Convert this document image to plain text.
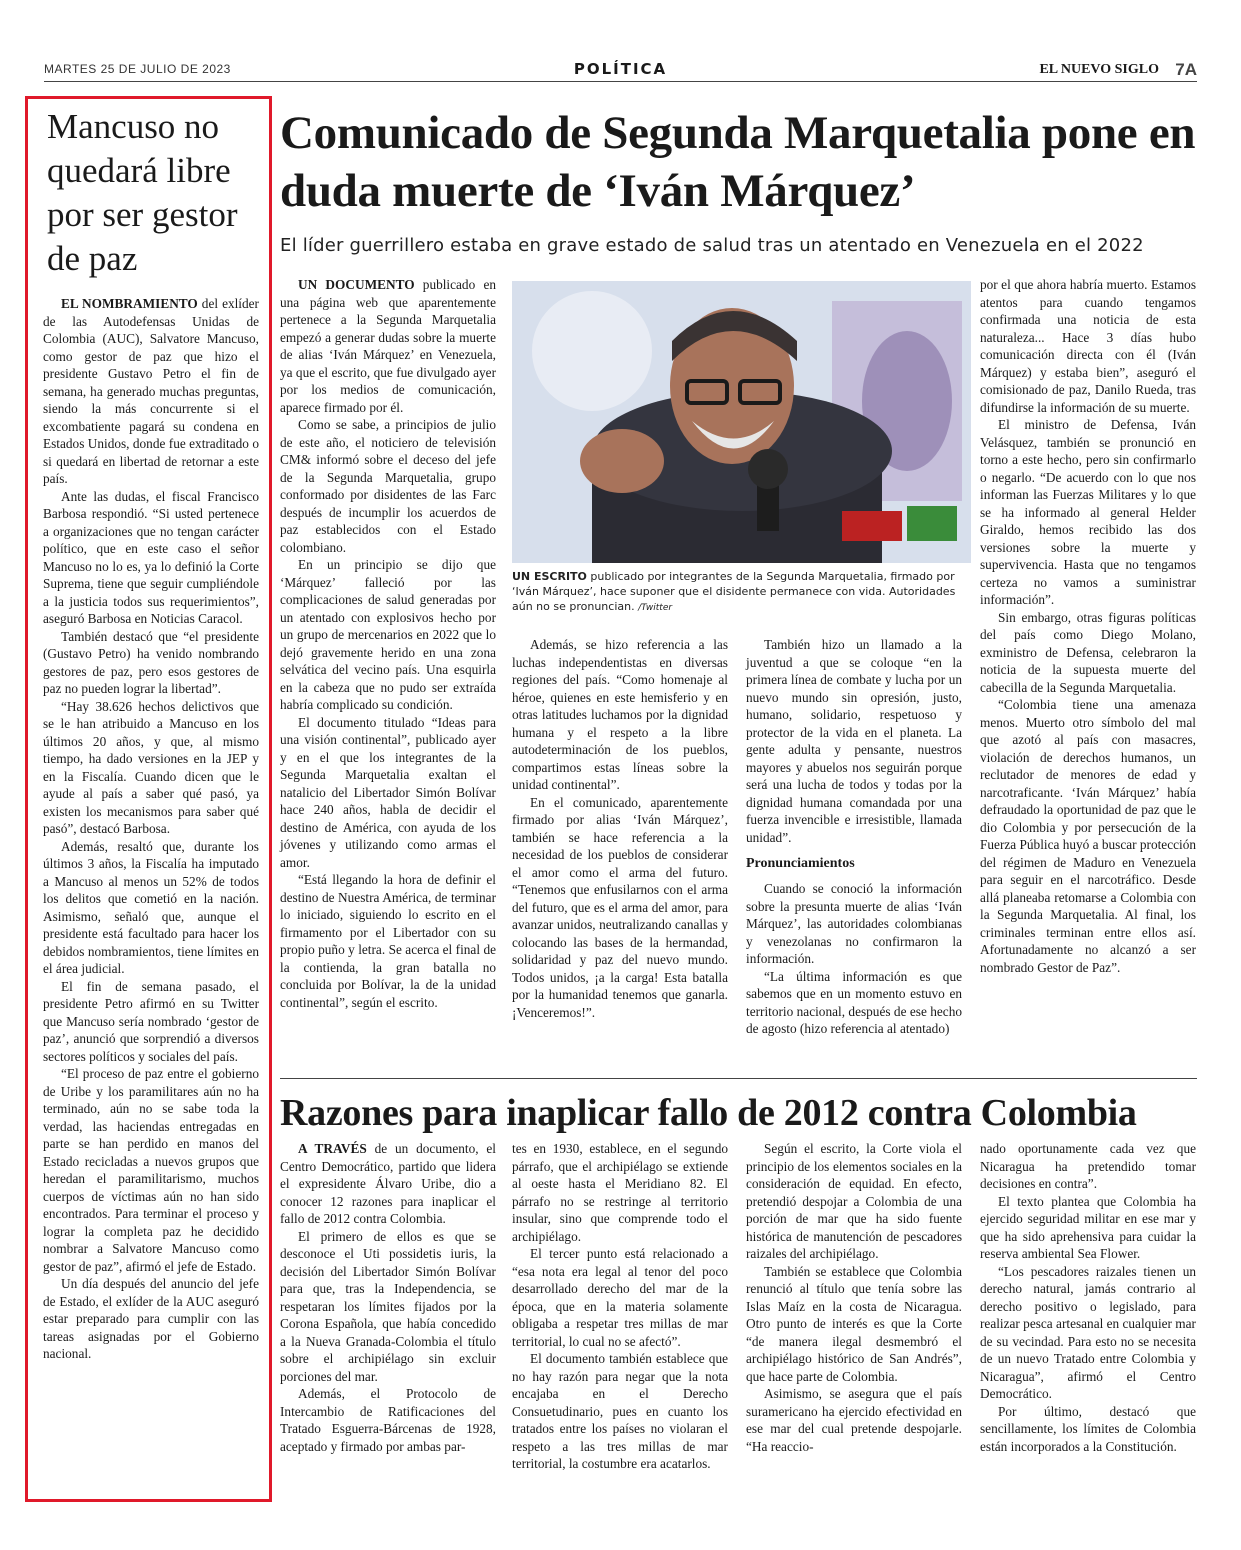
MARTES 25 DE JULIO DE 2023	POLÍTICA	EL NUEVO SIGLO 7A
Mancuso no quedará libre por ser gestor de paz

EL NOMBRAMIENTO del exlíder de las Autodefensas Unidas de Colombia (AUC), Salvatore Mancuso, como gestor de paz que hizo el presidente Gustavo Petro el fin de semana, ha generado muchas preguntas, siendo la más concurrente si el excombatiente pagará su condena en Estados Unidos, donde fue extraditado o si quedará en libertad de retornar a este país.

Ante las dudas, el fiscal Francisco Barbosa respondió. “Si usted pertenece a organizaciones que no tengan carácter político, que en este caso el señor Mancuso no lo es, ya lo definió la Corte Suprema, tiene que seguir cumpliéndole a la justicia todos sus requerimientos”, aseguró Barbosa en Noticias Caracol.

También destacó que “el presidente (Gustavo Petro) ha venido nombrando gestores de paz, pero esos gestores de paz no pueden lograr la libertad”.

“Hay 38.626 hechos delictivos que se le han atribuido a Mancuso en los últimos 20 años, y que, al mismo tiempo, ha dado versiones en la JEP y en la Fiscalía. Cuando dicen que le ayude al país a saber qué pasó, ya existen los mecanismos para saber qué pasó”, destacó Barbosa.

Además, resaltó que, durante los últimos 3 años, la Fiscalía ha imputado a Mancuso al menos un 52% de todos los delitos que cometió en la nación. Asimismo, señaló que, aunque el presidente está facultado para hacer los debidos nombramientos, tiene límites en el área judicial.

El fin de semana pasado, el presidente Petro afirmó en su Twitter que Mancuso sería nombrado ‘gestor de paz’, anunció que sorprendió a diversos sectores políticos y sociales del país.

“El proceso de paz entre el gobierno de Uribe y los paramilitares aún no ha terminado, aún no se sabe toda la verdad, las haciendas entregadas en parte se han perdido en manos del Estado recicladas a nuevos grupos que heredan el paramilitarismo, muchos cuerpos de víctimas aún no han sido encontrados. Para terminar el proceso y lograr la completa paz he decidido nombrar a Salvatore Mancuso como gestor de paz”, afirmó el jefe de Estado.

Un día después del anuncio del jefe de Estado, el exlíder de la AUC aseguró estar preparado para cumplir con las tareas asignadas por el Gobierno nacional.

Comunicado de Segunda Marquetalia pone en duda muerte de ‘Iván Márquez’
El líder guerrillero estaba en grave estado de salud tras un atentado en Venezuela en el 2022

UN DOCUMENTO publicado en una página web que aparentemente pertenece a la Segunda Marquetalia empezó a generar dudas sobre la muerte de alias ‘Iván Márquez’ en Venezuela, ya que el escrito, que fue divulgado ayer por los medios de comunicación, aparece firmado por él.

Como se sabe, a principios de julio de este año, el noticiero de televisión CM& informó sobre el deceso del jefe de la Segunda Marquetalia, grupo conformado por disidentes de las Farc después de incumplir los acuerdos de paz establecidos con el Estado colombiano.

En un principio se dijo que ‘Márquez’ falleció por las complicaciones de salud generadas por un atentado con explosivos hecho por un grupo de mercenarios en 2022 que lo dejó gravemente herido en una zona selvática del vecino país. Una esquirla en la cabeza que no pudo ser extraída habría complicado su condición.

El documento titulado “Ideas para una visión continental”, publicado ayer y en el que los integrantes de la Segunda Marquetalia exaltan el natalicio del Libertador Simón Bolívar hace 240 años, habla de decidir el destino de América, con ayuda de los jóvenes y utilizando como armas el amor.

“Está llegando la hora de definir el destino de Nuestra América, de terminar lo iniciado, siguiendo lo escrito en el firmamento por el Libertador con su propio puño y letra. Se acerca el final de la contienda, la gran batalla no concluida por Bolívar, la de la unidad continental”, según el escrito.

UN ESCRITO publicado por integrantes de la Segunda Marquetalia, firmado por ‘Iván Márquez’, hace suponer que el disidente permanece con vida. Autoridades aún no se pronuncian. /Twitter

Además, se hizo referencia a las luchas independentistas en diversas regiones del país. “Como homenaje al héroe, quienes en este hemisferio y en otras latitudes luchamos por la dignidad humana y el respeto a la libre autodeterminación de los pueblos, compartimos estas líneas sobre la unidad continental”.

En el comunicado, aparentemente firmado por alias ‘Iván Márquez’, también se hace referencia a la necesidad de los pueblos de considerar el amor como el arma del futuro. “Tenemos que enfusilarnos con el arma del futuro, que es el arma del amor, para avanzar unidos, neutralizando canallas y colocando las bases de la hermandad, solidaridad y paz del nuevo mundo. Todos unidos, ¡a la carga! Esta batalla por la humanidad tenemos que ganarla. ¡Venceremos!”.

También hizo un llamado a la juventud a que se coloque “en la primera línea de combate y lucha por un nuevo mundo sin opresión, justo, humano, solidario, respetuoso y protector de la vida en el planeta. La gente adulta y pensante, nuestros mayores y abuelos nos seguirán porque será una lucha de todos y todas por la dignidad humana comandada por una fuerza invencible e irresistible, llamada unidad”.

Pronunciamientos

Cuando se conoció la información sobre la presunta muerte de alias ‘Iván Márquez’, las autoridades colombianas y venezolanas no confirmaron la información.

“La última información es que sabemos que en un momento estuvo en territorio nacional, después de ese hecho de agosto (hizo referencia al atentado)

por el que ahora habría muerto. Estamos atentos para cuando tengamos confirmada una noticia de esta naturaleza... Hace 3 días hubo comunicación directa con él (Iván Márquez) y estaba bien”, aseguró el comisionado de paz, Danilo Rueda, tras difundirse la información de su muerte.

El ministro de Defensa, Iván Velásquez, también se pronunció en torno a este hecho, pero sin confirmarlo o negarlo. “De acuerdo con lo que nos informan las Fuerzas Militares y lo que se ha informado al general Helder Giraldo, hemos recibido las dos versiones sobre la muerte y supervivencia. Hasta que no tengamos certeza no vamos a suministrar información”.

Sin embargo, otras figuras políticas del país como Diego Molano, exministro de Defensa, celebraron la noticia de la supuesta muerte del cabecilla de la Segunda Marquetalia.

“Colombia tiene una amenaza menos. Muerto otro símbolo del mal que azotó al país con masacres, violación de derechos humanos, un reclutador de menores de edad y narcotraficante. ‘Iván Márquez’ había defraudado la oportunidad de paz que le dio Colombia y por persecución de la Fuerza Pública huyó a buscar protección del régimen de Maduro en Venezuela para seguir en el narcotráfico. Desde allá planeaba retomarse a Colombia con la Segunda Marquetalia. Al final, los criminales terminan entre ellos así. Afortunadamente no alcanzó a ser nombrado Gestor de Paz”.

Razones para inaplicar fallo de 2012 contra Colombia

A TRAVÉS de un documento, el Centro Democrático, partido que lidera el expresidente Álvaro Uribe, dio a conocer 12 razones para inaplicar el fallo de 2012 contra Colombia.

El primero de ellos es que se desconoce el Uti possidetis iuris, la decisión del Libertador Simón Bolívar para que, tras la Independencia, se respetaran los límites fijados por la Corona Española, que había concedido a la Nueva Granada-Colombia el título sobre el archipiélago sin excluir porciones del mar.

Además, el Protocolo de Intercambio de Ratificaciones del Tratado Esguerra-Bárcenas de 1928, aceptado y firmado por ambas par-

tes en 1930, establece, en el segundo párrafo, que el archipiélago se extiende al oeste hasta el Meridiano 82. El párrafo no se restringe al territorio insular, sino que comprende todo el archipiélago.

El tercer punto está relacionado a “esa nota era legal al tenor del poco desarrollado derecho del mar de la época, que en la materia solamente obligaba a respetar tres millas de mar territorial, lo cual no se afectó”.

El documento también establece que no hay razón para negar que la nota encajaba en el Derecho Consuetudinario, pues en cuanto los tratados entre los países no violaran el respeto a las tres millas de mar territorial, la costumbre era acatarlos.

Según el escrito, la Corte viola el principio de los elementos sociales en la consideración de equidad. En efecto, pretendió despojar a Colombia de una porción de mar que ha sido fuente histórica de manutención de pescadores raizales del archipiélago.

También se establece que Colombia renunció al título que tenía sobre las Islas Maíz en la costa de Nicaragua. Otro punto de interés es que la Corte “de manera ilegal desmembró el archipiélago histórico de San Andrés”, que hace parte de Colombia.

Asimismo, se asegura que el país suramericano ha ejercido efectividad en ese mar del cual pretende despojarle. “Ha reaccio-

nado oportunamente cada vez que Nicaragua ha pretendido tomar decisiones en contra”.

El texto plantea que Colombia ha ejercido seguridad militar en ese mar y que ha sido aprehensiva para cuidar la reserva ambiental Sea Flower.

“Los pescadores raizales tienen un derecho natural, jamás contrario al derecho positivo o legislado, para realizar pesca artesanal en cualquier mar de su vecindad. Para esto no se necesita de un nuevo Tratado entre Colombia y Nicaragua”, afirmó el Centro Democrático.

Por último, destacó que sencillamente, los límites de Colombia están incorporados a la Constitución.
